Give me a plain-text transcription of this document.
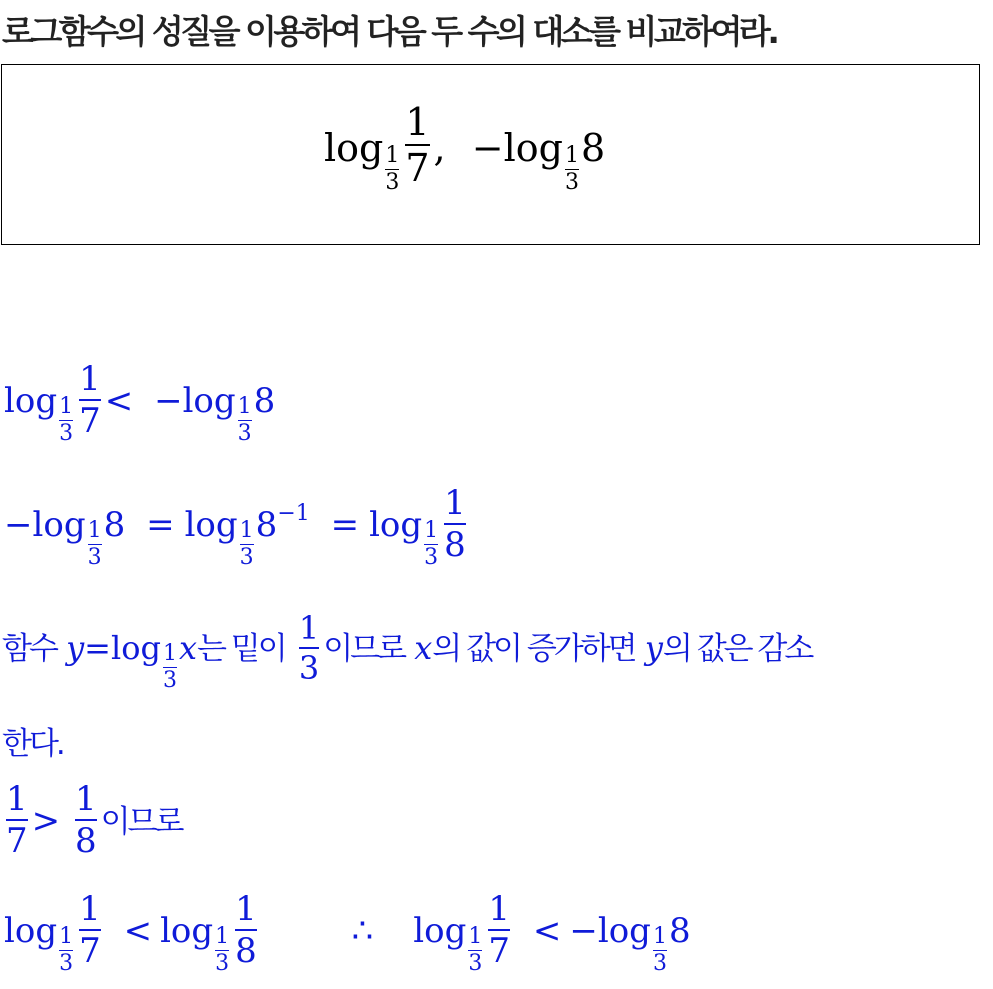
로그함수의 성질을 이용하여 다음 두 수의 대소를 비교하여라.
$\log \frac{1}{3} \frac{1}{7}$ , $-\log \frac{1}{3} 8$
$\log \frac{1}{3} \frac{1}{7} < -\log \frac{1}{3} 8$
$-\log \frac{1}{3} 8 = \log \frac{1}{3} 8-1 = \log \frac{1}{3} \frac{1}{8}$
함수 $y=\log \frac{1}{3}$ x는 밑이 $\frac{1}{3}$ 이므로 x의 값이 증가하면 y의 값은 감소
한다.
$\frac{1}{7} > \frac{1}{8}$ 이므로
$\log \frac{1}{3} \frac{1}{7} < \log \frac{1}{3} \frac{1}{8}$	∴ $\log \frac{1}{3} \frac{1}{7} < -\log \frac{1}{3} 8$
